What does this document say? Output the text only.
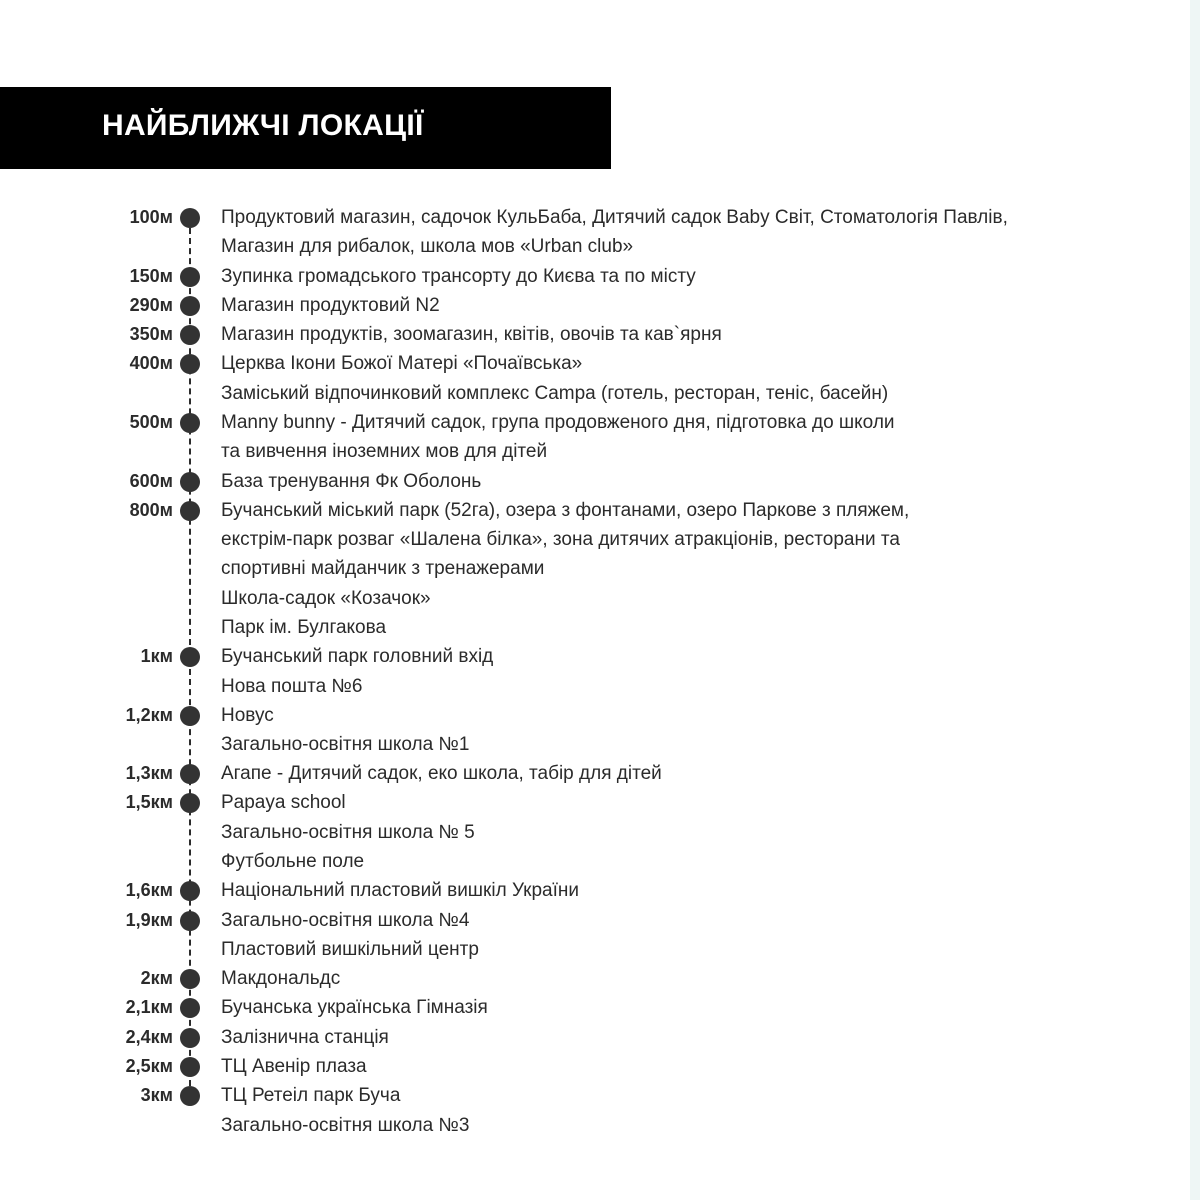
НАЙБЛИЖЧІ ЛОКАЦІЇ
100м	Продуктовий магазин, садочок КульБаба, Дитячий садок Baby Світ, Стоматологія Павлів,
Магазин для рибалок, школа мов «Urban club»
150м	Зупинка громадського трансорту до Києва та по місту
290м	Магазин продуктовий N2
350м	Магазин продуктів, зоомагазин, квітів, овочів та кав`ярня
400м	Церква Ікони Божої Матері «Почаївська»
Заміський відпочинковий комплекс Campa (готель, ресторан, теніс, басейн)
500м	Manny bunny - Дитячий садок, група продовженого дня, підготовка до школи
та вивчення іноземних мов для дітей
600м	База тренування Фк Оболонь
800м	Бучанський міський парк (52га), озера з фонтанами, озеро Паркове з пляжем,
екстрім-парк розваг «Шалена білка», зона дитячих атракціонів, ресторани та
спортивні майданчик з тренажерами
Школа-садок «Козачок»
Парк ім. Булгакова
1км	Бучанський парк головний вхід
Нова пошта №6
1,2км	Новус
Загально-освітня школа №1
1,3км	Агапе - Дитячий садок, еко школа, табір для дітей
1,5км	Papaya school
Загально-освітня школа № 5
Футбольне поле
1,6км	Національний пластовий вишкіл України
1,9км	Загально-освітня школа №4
Пластовий вишкільний центр
2км	Макдональдс
2,1км	Бучанська українська Гімназія
2,4км	Залізнична станція
2,5км	ТЦ Авенір плаза
3км	ТЦ Ретеіл парк Буча
Загально-освітня школа №3
